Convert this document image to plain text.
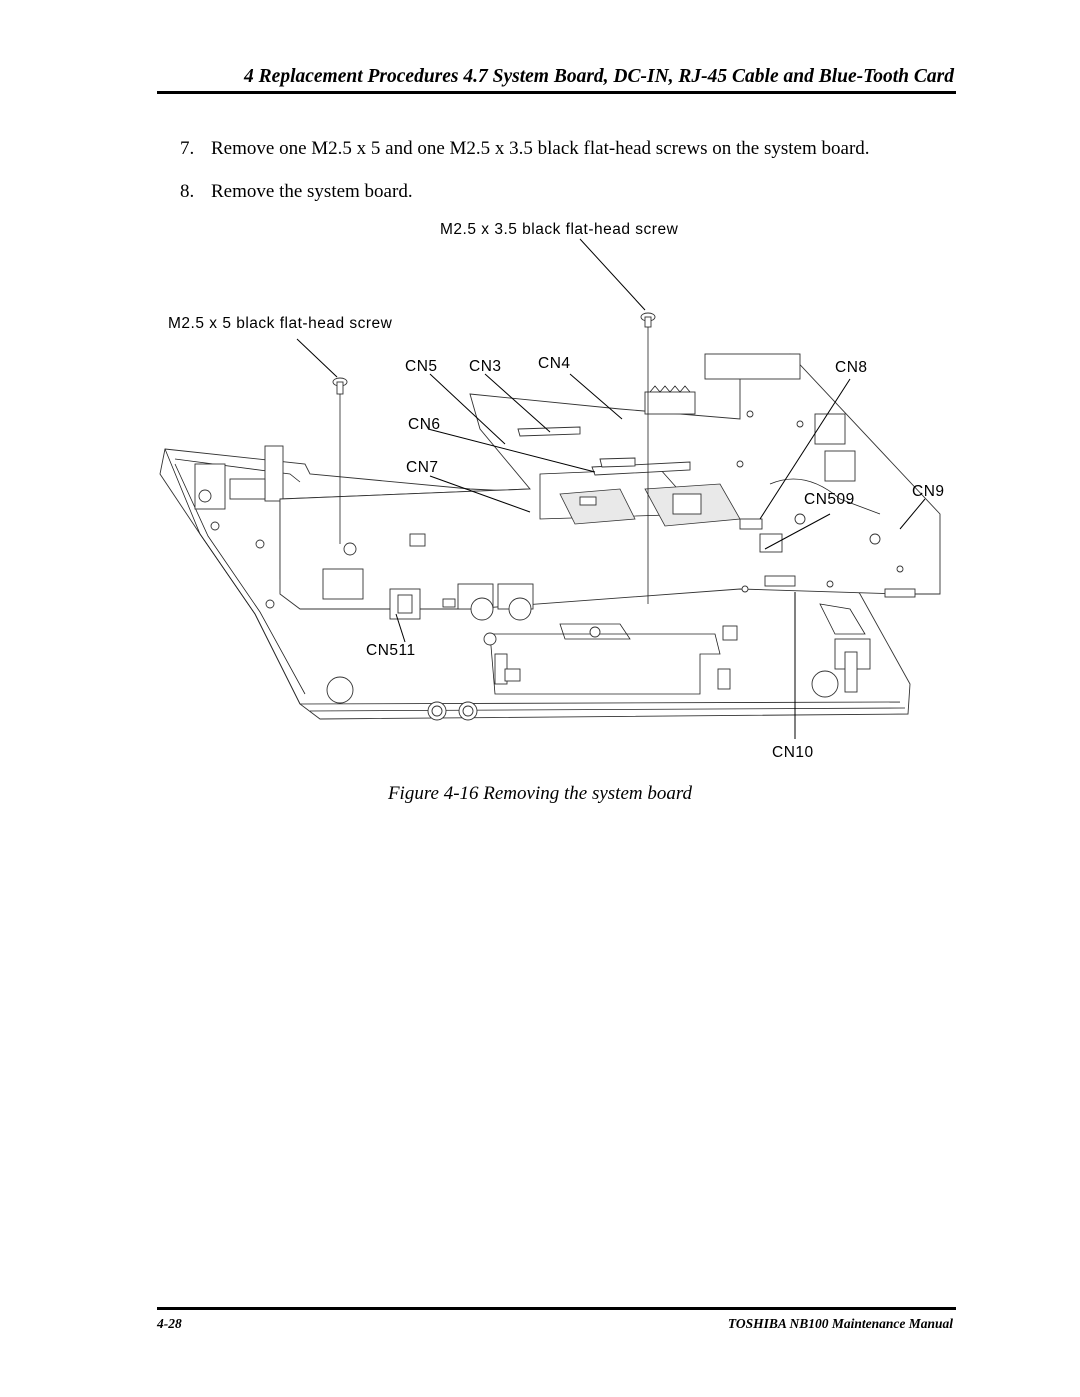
4 Replacement Procedures 4.7 System Board, DC-IN, RJ-45 Cable and Blue-Tooth Card
7. Remove one M2.5 x 5 and one M2.5 x 3.5 black flat-head screws on the system board.
8. Remove the system board.
M2.5 x 3.5 black flat-head screw
M2.5 x 5 black flat-head screw
CN5 CN3 CN4	CN8
CN6
CN7
CN509	CN9
CN511
CN10
Figure 4-16 Removing the system board
4-28	TOSHIBA NB100 Maintenance Manual
